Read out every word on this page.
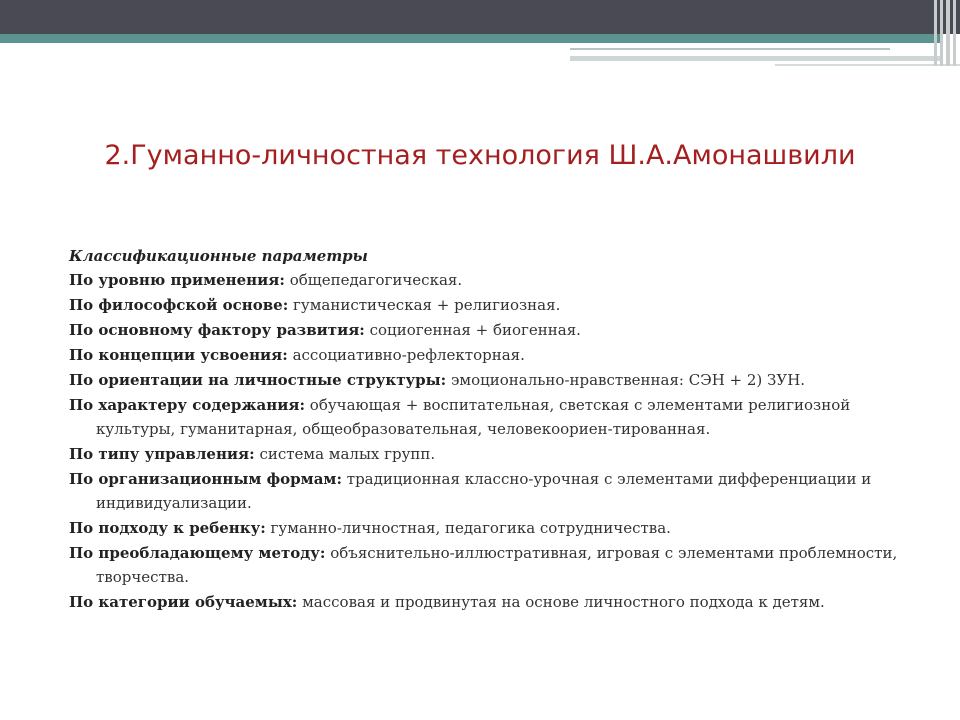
2.Гуманно-личностная технология Ш.А.Амонашвили

Классификационные параметры

По уровню применения: общепедагогическая.

По философской основе: гуманистическая + религиозная.

По основному фактору развития: социогенная + биогенная.

По концепции усвоения: ассоциативно-рефлекторная.

По ориентации на личностные структуры: эмоционально-нравственная: СЭН + 2) ЗУН.

По характеру содержания: обучающая + воспитательная, светская с элементами религиозной культуры, гуманитарная, общеобразовательная, человекоориен-тированная.

По типу управления: система малых групп.

По организационным формам: традиционная классно-урочная с элементами дифференциации и индивидуализации.

По подходу к ребенку: гуманно-личностная, педагогика сотрудничества.

По преобладающему методу: объяснительно-иллюстративная, игровая с элементами проблемности, творчества.

По категории обучаемых: массовая и продвинутая на основе личностного подхода к детям.
